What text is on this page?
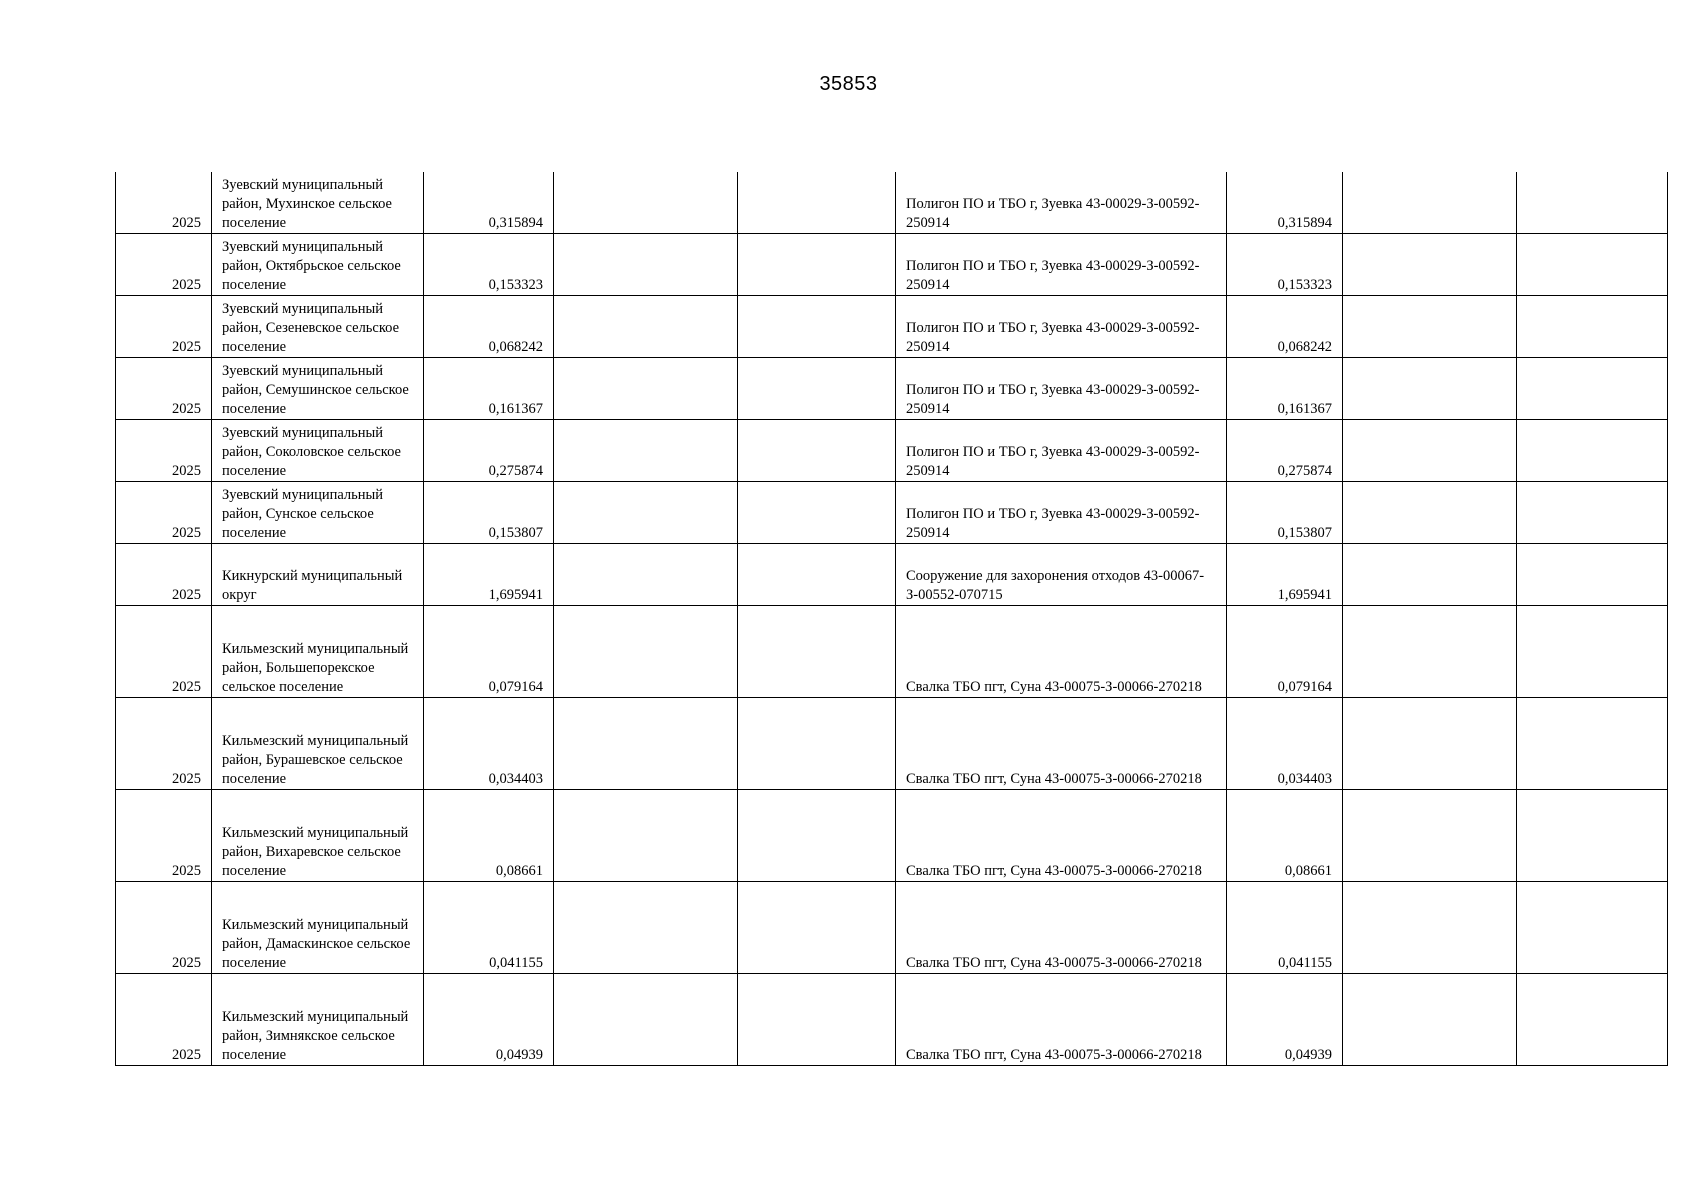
35853
2025	Зуевский муниципальный район, Мухинское сельское поселение	0,315894			Полигон ПО и ТБО г, Зуевка 43-00029-З-00592-250914	0,315894		
2025	Зуевский муниципальный район, Октябрьское сельское поселение	0,153323			Полигон ПО и ТБО г, Зуевка 43-00029-З-00592-250914	0,153323		
2025	Зуевский муниципальный район, Сезеневское сельское поселение	0,068242			Полигон ПО и ТБО г, Зуевка 43-00029-З-00592-250914	0,068242		
2025	Зуевский муниципальный район, Семушинское сельское поселение	0,161367			Полигон ПО и ТБО г, Зуевка 43-00029-З-00592-250914	0,161367		
2025	Зуевский муниципальный район, Соколовское сельское поселение	0,275874			Полигон ПО и ТБО г, Зуевка 43-00029-З-00592-250914	0,275874		
2025	Зуевский муниципальный район, Сунское сельское поселение	0,153807			Полигон ПО и ТБО г, Зуевка 43-00029-З-00592-250914	0,153807		
2025	Кикнурский муниципальный округ	1,695941			Сооружение для захоронения отходов 43-00067-З-00552-070715	1,695941		
2025	Кильмезский муниципальный район, Большепорекское сельское поселение	0,079164			Свалка ТБО пгт, Суна 43-00075-З-00066-270218	0,079164		
2025	Кильмезский муниципальный район, Бурашевское сельское поселение	0,034403			Свалка ТБО пгт, Суна 43-00075-З-00066-270218	0,034403		
2025	Кильмезский муниципальный район, Вихаревское сельское поселение	0,08661			Свалка ТБО пгт, Суна 43-00075-З-00066-270218	0,08661		
2025	Кильмезский муниципальный район, Дамаскинское сельское поселение	0,041155			Свалка ТБО пгт, Суна 43-00075-З-00066-270218	0,041155		
2025	Кильмезский муниципальный район, Зимнякское сельское поселение	0,04939			Свалка ТБО пгт, Суна 43-00075-З-00066-270218	0,04939		
